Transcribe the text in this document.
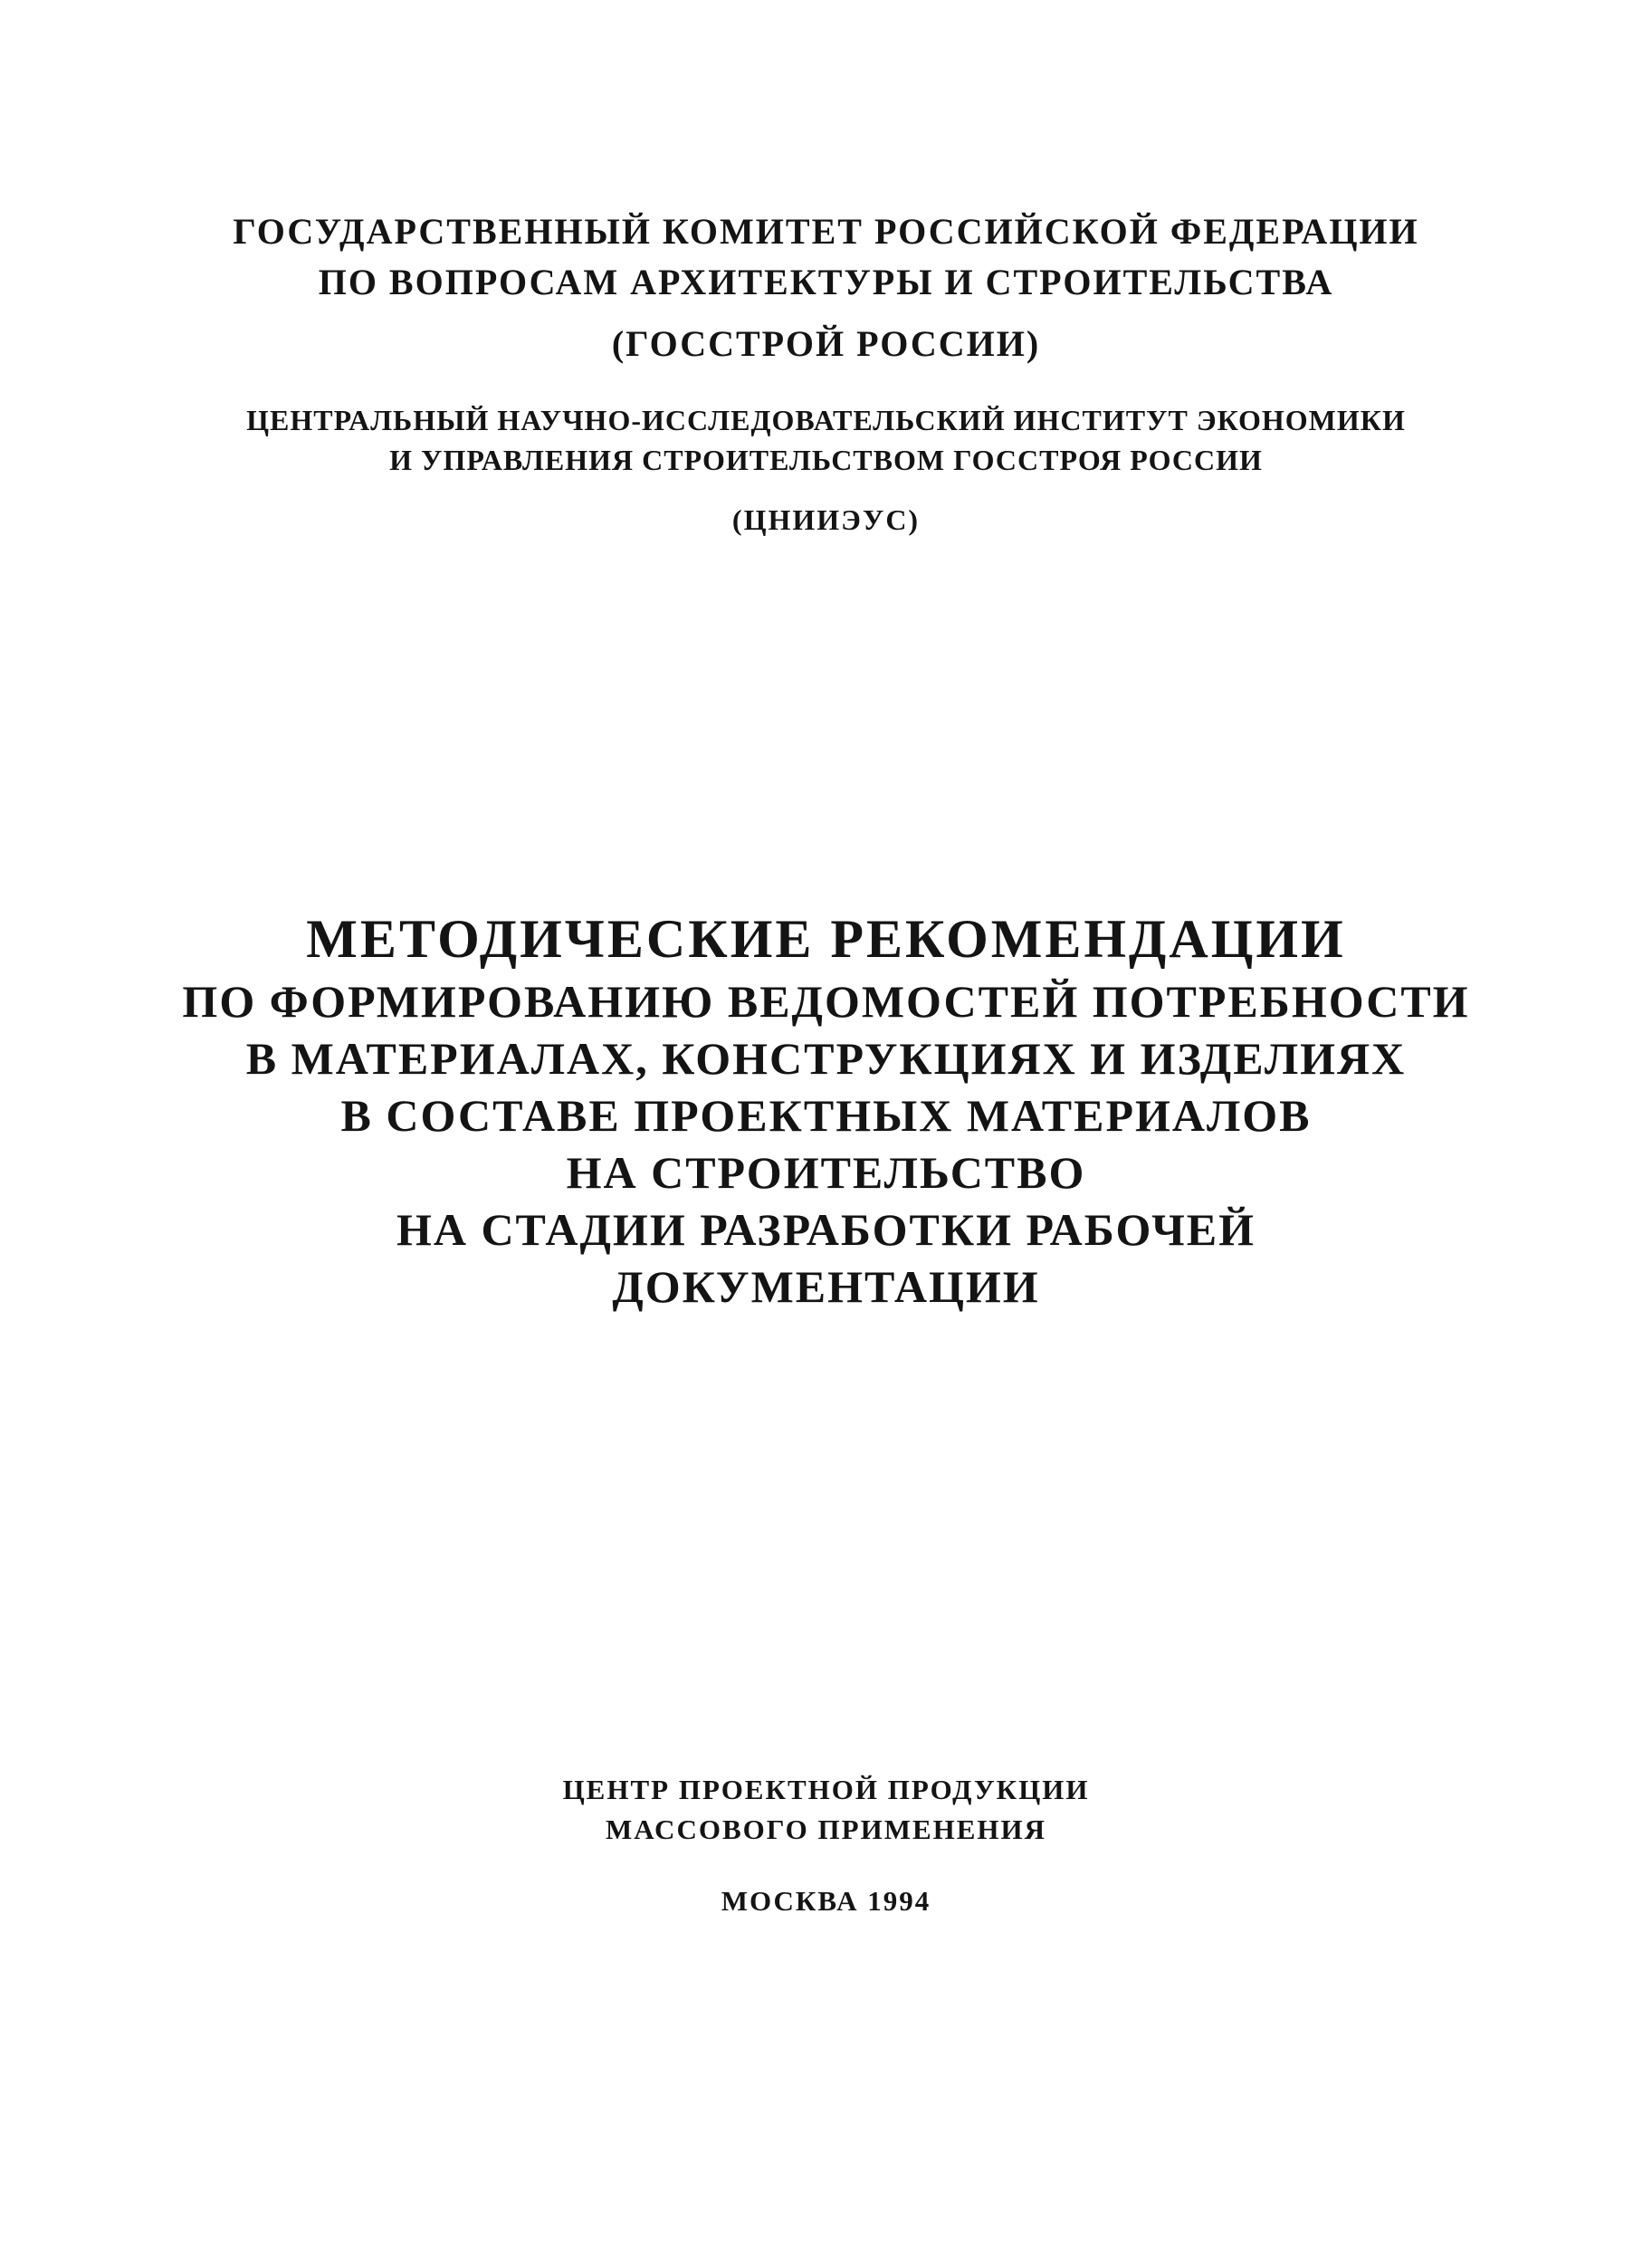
ГОСУДАРСТВЕННЫЙ КОМИТЕТ РОССИЙСКОЙ ФЕДЕРАЦИИ
ПО ВОПРОСАМ АРХИТЕКТУРЫ И СТРОИТЕЛЬСТВА
(ГОССТРОЙ РОССИИ)
ЦЕНТРАЛЬНЫЙ НАУЧНО-ИССЛЕДОВАТЕЛЬСКИЙ ИНСТИТУТ ЭКОНОМИКИ
И УПРАВЛЕНИЯ СТРОИТЕЛЬСТВОМ ГОССТРОЯ РОССИИ
(ЦНИИЭУС)
МЕТОДИЧЕСКИЕ РЕКОМЕНДАЦИИ
ПО ФОРМИРОВАНИЮ ВЕДОМОСТЕЙ ПОТРЕБНОСТИ
В МАТЕРИАЛАХ, КОНСТРУКЦИЯХ И ИЗДЕЛИЯХ
В СОСТАВЕ ПРОЕКТНЫХ МАТЕРИАЛОВ
НА СТРОИТЕЛЬСТВО
НА СТАДИИ РАЗРАБОТКИ РАБОЧЕЙ
ДОКУМЕНТАЦИИ
ЦЕНТР ПРОЕКТНОЙ ПРОДУКЦИИ
МАССОВОГО ПРИМЕНЕНИЯ
МОСКВА 1994
